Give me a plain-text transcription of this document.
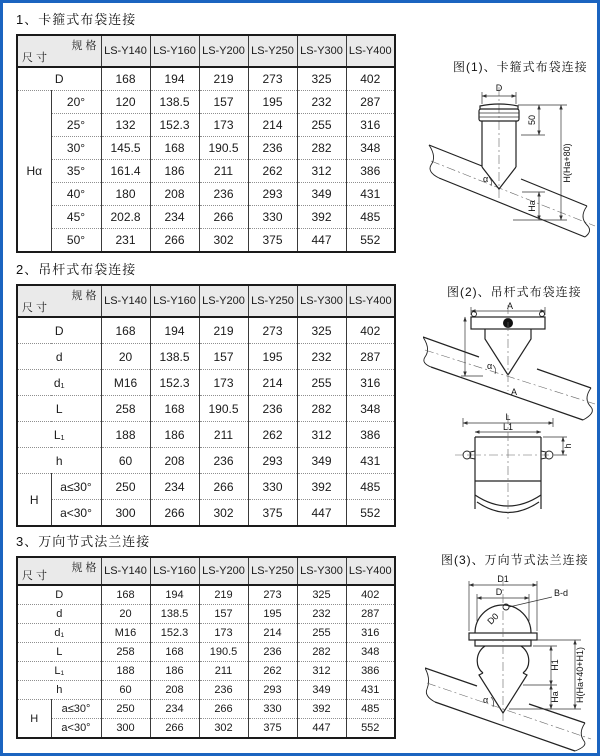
1、卡箍式布袋连接
规 格
尺 寸		LS-Y140	LS-Y160	LS-Y200	LS-Y250	LS-Y300	LS-Y400
D		168	194	219	273	325	402
Hα	20°	120	138.5	157	195	232	287
	25°	132	152.3	173	214	255	316
	30°	145.5	168	190.5	236	282	348
	35°	161.4	186	211	262	312	386
	40°	180	208	236	293	349	431
	45°	202.8	234	266	330	392	485
	50°	231	266	302	375	447	552
2、吊杆式布袋连接
规 格
尺 寸		LS-Y140	LS-Y160	LS-Y200	LS-Y250	LS-Y300	LS-Y400
D		168	194	219	273	325	402
d		20	138.5	157	195	232	287
d₁		M16	152.3	173	214	255	316
L		258	168	190.5	236	282	348
L₁		188	186	211	262	312	386
h		60	208	236	293	349	431
H	a≤30°	250	234	266	330	392	485
	a<30°	300	266	302	375	447	552
3、万向节式法兰连接
规 格
尺 寸		LS-Y140	LS-Y160	LS-Y200	LS-Y250	LS-Y300	LS-Y400
D		168	194	219	273	325	402
d		20	138.5	157	195	232	287
d₁		M16	152.3	173	214	255	316
L		258	168	190.5	236	282	348
L₁		188	186	211	262	312	386
h		60	208	236	293	349	431
H	a≤30°	250	234	266	330	392	485
	a<30°	300	266	302	375	447	552
图(1)、卡箍式布袋连接
D
50
H(Ha+80)
Ha
α
图(2)、吊杆式布袋连接
A
α
A
L
L1
h
图(3)、万向节式法兰连接
D1
D	B-d
D0
Ha
H1 H(Ha+40+H1)
α
